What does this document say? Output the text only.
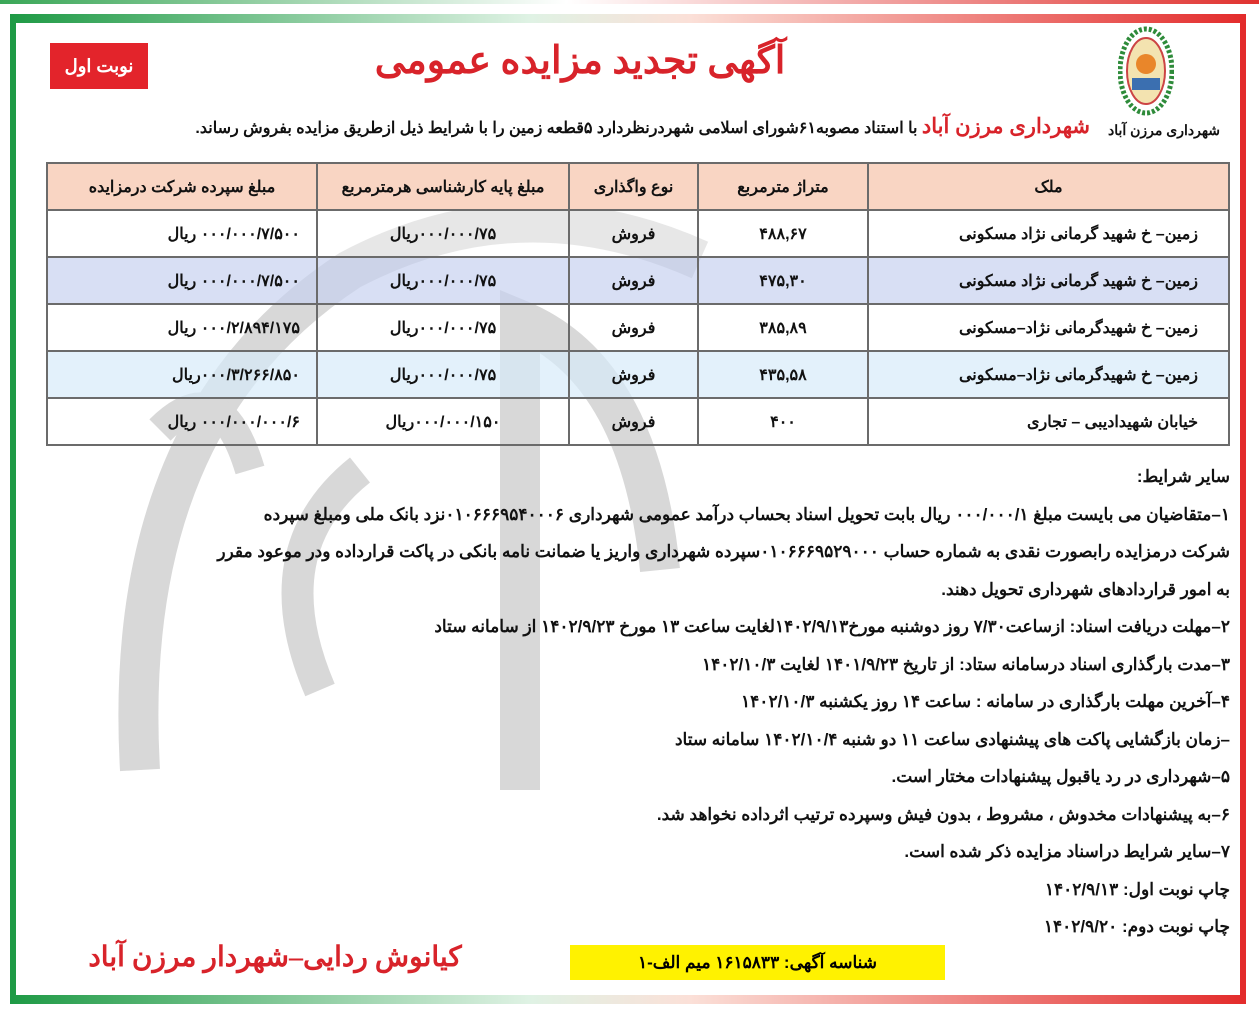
شهرداری مرزن آباد
نوبت اول	آگهی تجدید مزایده عمومی
شهرداری مرزن آباد با استناد مصوبه۶۱شورای اسلامی شهردرنظردارد ۵قطعه زمین را با شرایط ذیل ازطریق مزایده بفروش رساند.
ملک	متراژ مترمربع	نوع واگذاری	مبلغ پایه کارشناسی هرمترمربع	مبلغ سپرده شرکت درمزایده
زمین– خ شهید گرمانی نژاد مسکونی	۴۸۸,۶۷	فروش	۰۰۰/۰۰۰/۷۵ریال	۰۰۰/۰۰۰/۷/۵۰۰ ریال
زمین– خ شهید گرمانی نژاد مسکونی	۴۷۵,۳۰	فروش	۰۰۰/۰۰۰/۷۵ریال	۰۰۰/۰۰۰/۷/۵۰۰ ریال
زمین– خ شهیدگرمانی نژاد–مسکونی	۳۸۵,۸۹	فروش	۰۰۰/۰۰۰/۷۵ریال	۰۰۰/۲/۸۹۴/۱۷۵ ریال
زمین– خ شهیدگرمانی نژاد–مسکونی	۴۳۵,۵۸	فروش	۰۰۰/۰۰۰/۷۵ریال	۰۰۰/۳/۲۶۶/۸۵۰ریال
خیابان شهیدادیبی – تجاری	۴۰۰	فروش	۰۰۰/۰۰۰/۱۵۰ریال	۰۰۰/۰۰۰/۰۰۰/۶ ریال
سایر شرایط:
۱–متقاضیان می بایست مبلغ ۰۰۰/۰۰۰/۱ ریال بابت تحویل اسناد بحساب درآمد عمومی شهرداری ۰۱۰۶۶۶۹۵۴۰۰۰۶نزد بانک ملی ومبلغ سپرده
شرکت درمزایده رابصورت نقدی به شماره حساب ۰۱۰۶۶۶۹۵۲۹۰۰۰سپرده شهرداری واریز یا ضمانت نامه بانکی در پاکت قرارداده ودر موعود مقرر
به امور قراردادهای شهرداری تحویل دهند.
۲–مهلت دریافت اسناد: ازساعت۷/۳۰ روز دوشنبه مورخ۱۴۰۲/۹/۱۳لغایت ساعت ۱۳ مورخ ۱۴۰۲/۹/۲۳ از سامانه ستاد
۳–مدت بارگذاری اسناد درسامانه ستاد: از تاریخ ۱۴۰۱/۹/۲۳ لغایت ۱۴۰۲/۱۰/۳
۴–آخرین مهلت بارگذاری در سامانه : ساعت ۱۴ روز یکشنبه ۱۴۰۲/۱۰/۳
–زمان بازگشایی پاکت های پیشنهادی ساعت ۱۱ دو شنبه ۱۴۰۲/۱۰/۴ سامانه ستاد
۵–شهرداری در رد یاقبول پیشنهادات مختار است.
۶–به پیشنهادات مخدوش ، مشروط ، بدون فیش وسپرده ترتیب اثرداده نخواهد شد.
۷–سایر شرایط دراسناد مزایده ذکر شده است.
چاپ نوبت اول: ۱۴۰۲/۹/۱۳
چاپ نوبت دوم: ۱۴۰۲/۹/۲۰
شناسه آگهی: ۱۶۱۵۸۳۳ میم الف-۱
کیانوش ردایی–شهردار مرزن آباد
